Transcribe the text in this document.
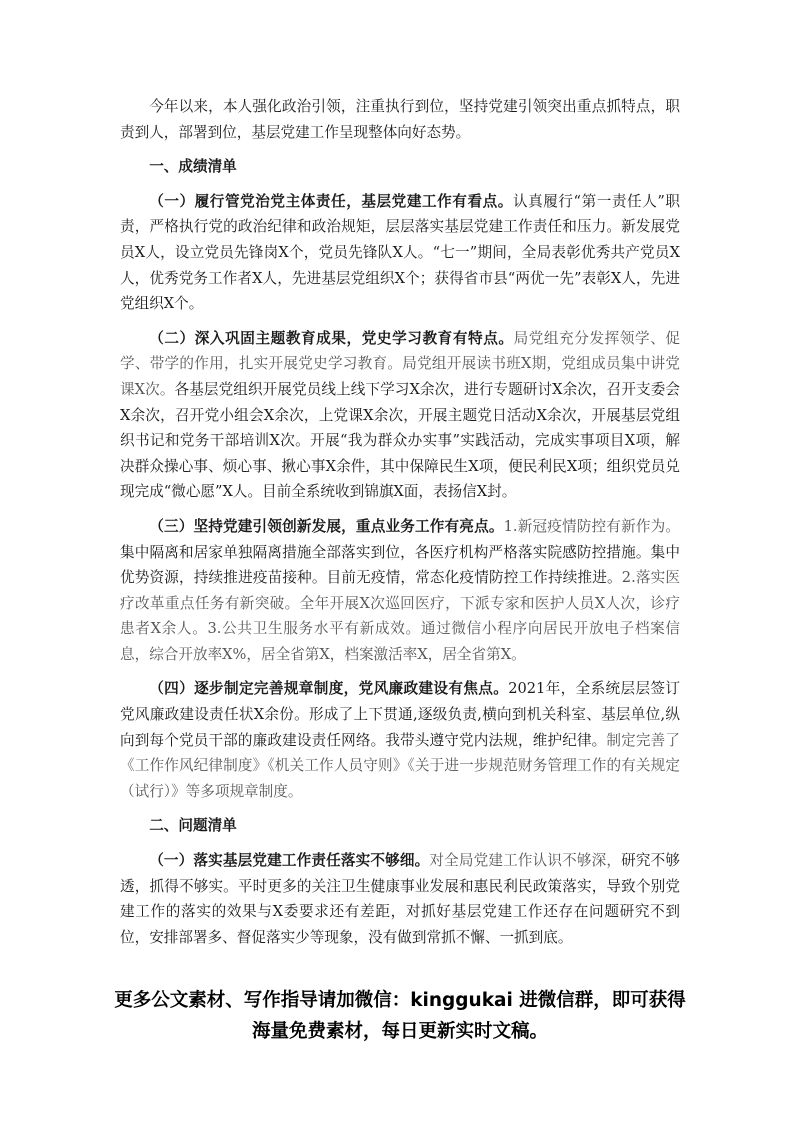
今年以来，本人强化政治引领，注重执行到位，坚持党建引领突出重点抓特点，职责到人，部署到位，基层党建工作呈现整体向好态势。

一、成绩清单

（一）履行管党治党主体责任，基层党建工作有看点。认真履行“第一责任人”职责，严格执行党的政治纪律和政治规矩，层层落实基层党建工作责任和压力。新发展党员X人，设立党员先锋岗X个，党员先锋队X人。“七一”期间，全局表彰优秀共产党员X人，优秀党务工作者X人，先进基层党组织X个；获得省市县“两优一先”表彰X人，先进党组织X个。

（二）深入巩固主题教育成果，党史学习教育有特点。局党组充分发挥领学、促学、带学的作用，扎实开展党史学习教育。局党组开展读书班X期，党组成员集中讲党课X次。各基层党组织开展党员线上线下学习X余次，进行专题研讨X余次，召开支委会X余次，召开党小组会X余次，上党课X余次，开展主题党日活动X余次，开展基层党组织书记和党务干部培训X次。开展“我为群众办实事”实践活动，完成实事项目X项，解决群众操心事、烦心事、揪心事X余件，其中保障民生X项，便民利民X项；组织党员兑现完成“微心愿”X人。目前全系统收到锦旗X面，表扬信X封。

（三）坚持党建引领创新发展，重点业务工作有亮点。1.新冠疫情防控有新作为。集中隔离和居家单独隔离措施全部落实到位，各医疗机构严格落实院感防控措施。集中优势资源，持续推进疫苗接种。目前无疫情，常态化疫情防控工作持续推进。2.落实医疗改革重点任务有新突破。全年开展X次巡回医疗，下派专家和医护人员X人次，诊疗患者X余人。3.公共卫生服务水平有新成效。通过微信小程序向居民开放电子档案信息，综合开放率X%，居全省第X，档案激活率X，居全省第X。

（四）逐步制定完善规章制度，党风廉政建设有焦点。2021年，全系统层层签订党风廉政建设责任状X余份。形成了上下贯通,逐级负责,横向到机关科室、基层单位,纵向到每个党员干部的廉政建设责任网络。我带头遵守党内法规，维护纪律。制定完善了《工作作风纪律制度》《机关工作人员守则》《关于进一步规范财务管理工作的有关规定（试行）》等多项规章制度。

二、问题清单

（一）落实基层党建工作责任落实不够细。对全局党建工作认识不够深，研究不够透，抓得不够实。平时更多的关注卫生健康事业发展和惠民利民政策落实，导致个别党建工作的落实的效果与X委要求还有差距，对抓好基层党建工作还存在问题研究不到位，安排部署多、督促落实少等现象，没有做到常抓不懈、一抓到底。

更多公文素材、写作指导请加微信：kinggukai 进微信群，即可获得
海量免费素材，每日更新实时文稿。
